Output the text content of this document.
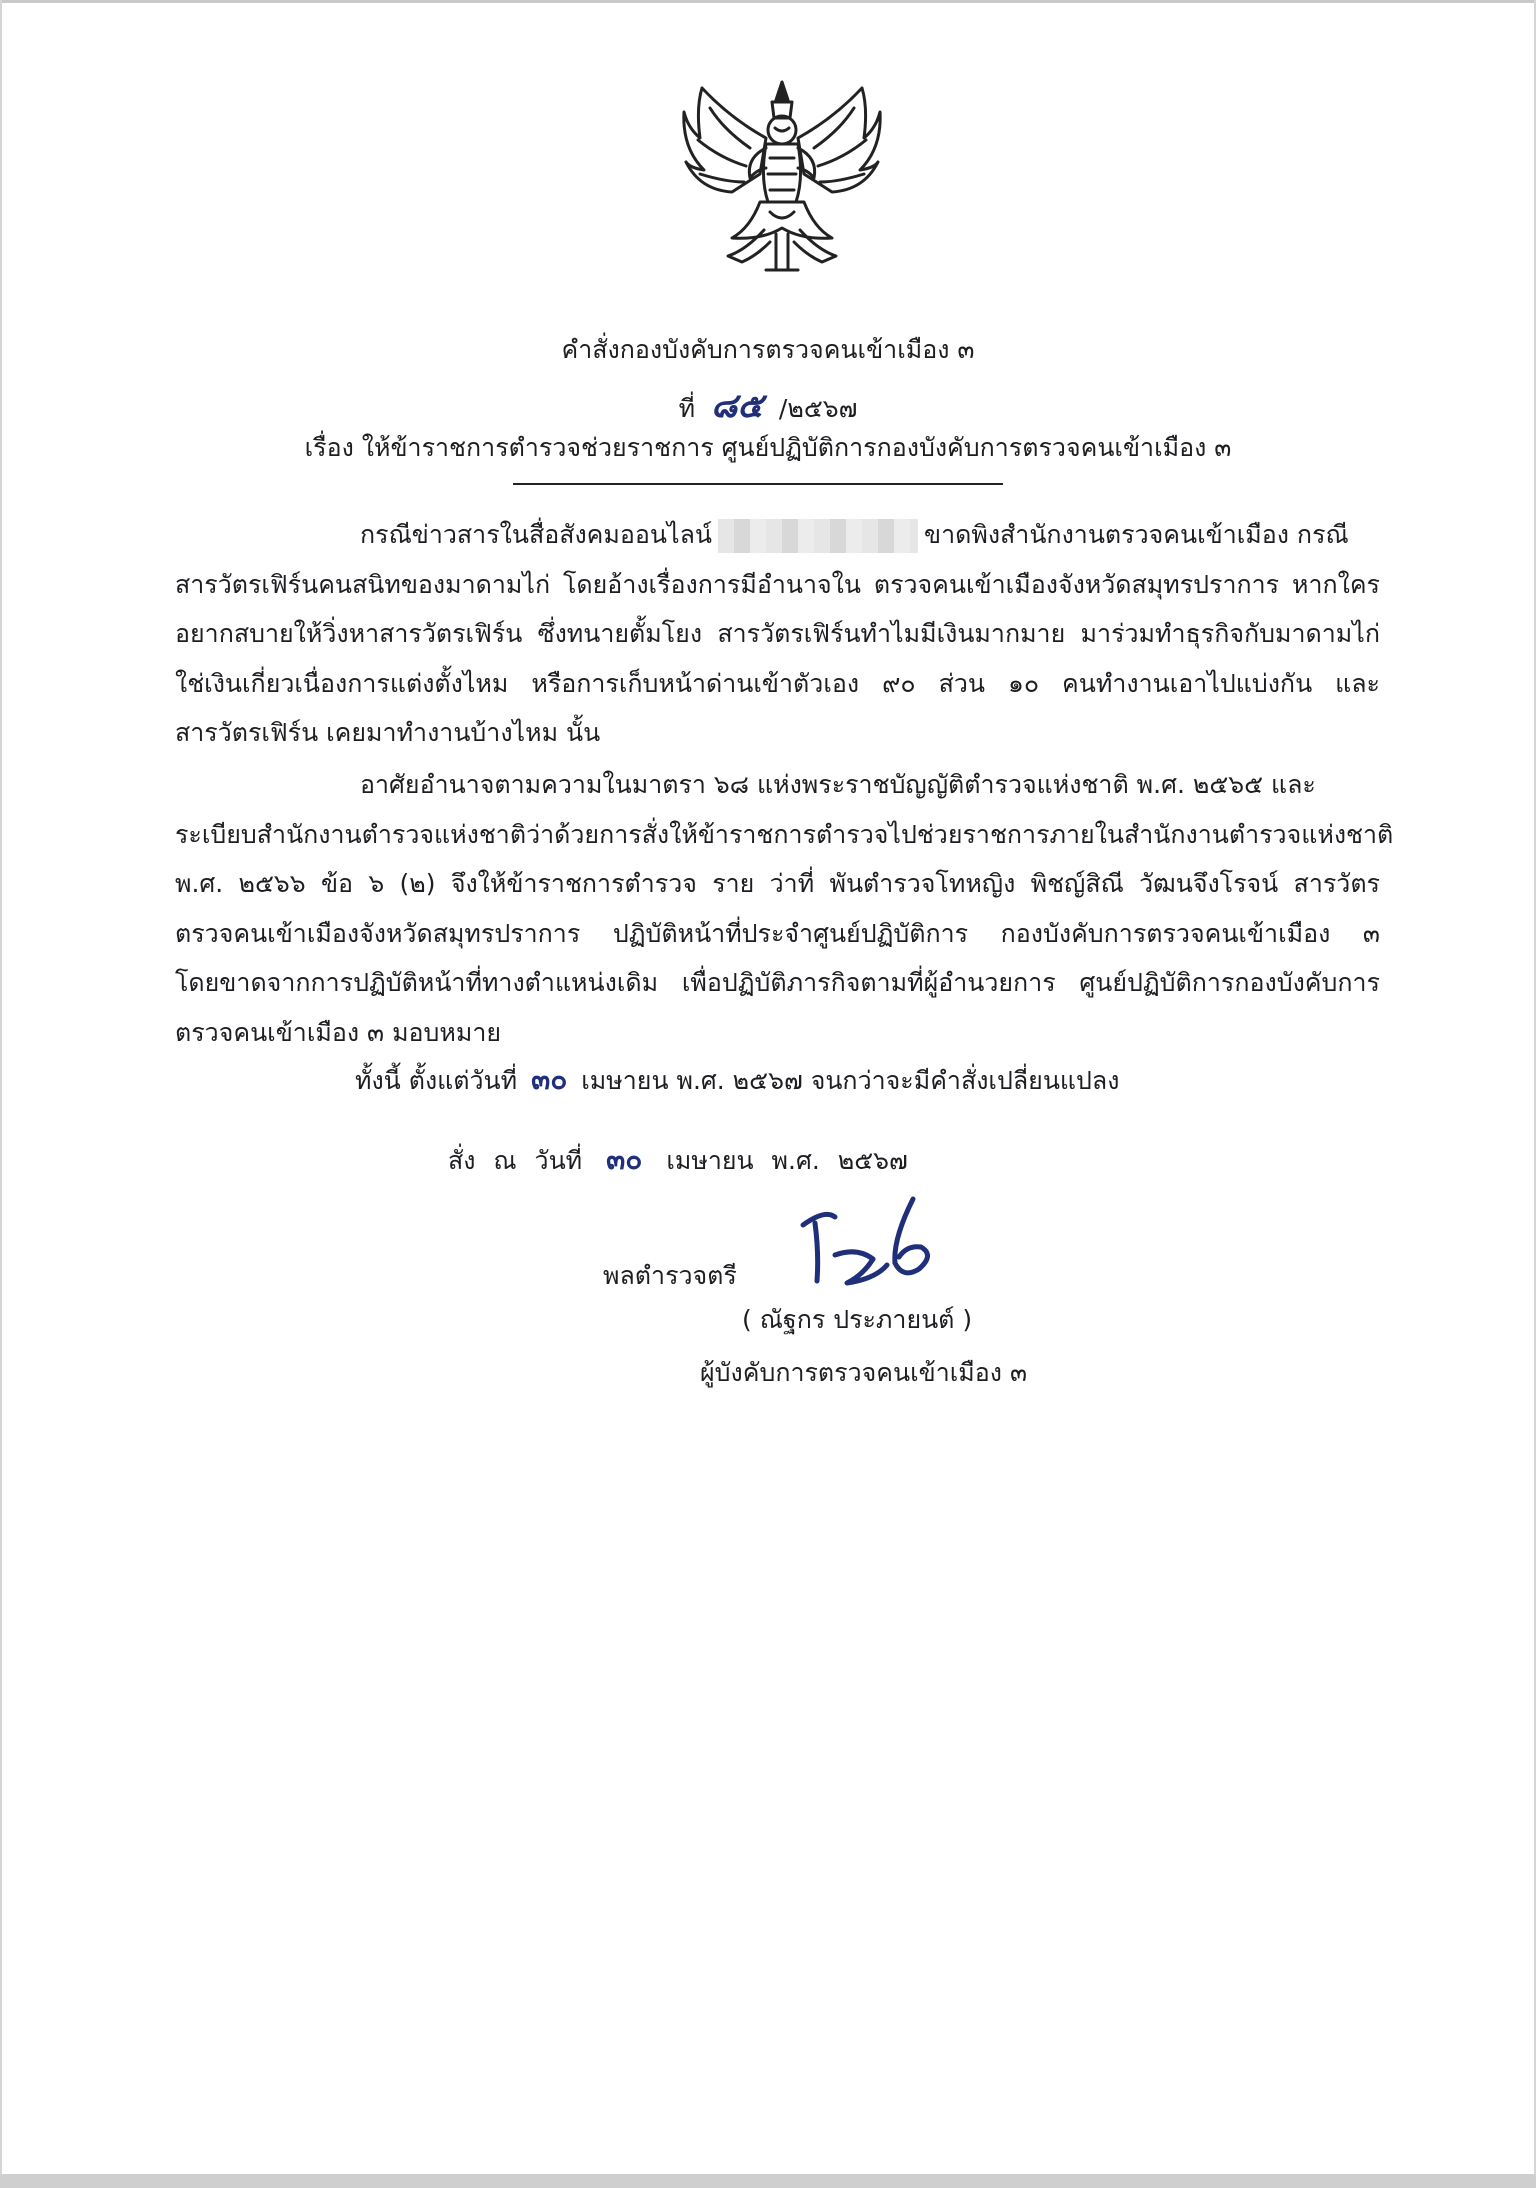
คำสั่งกองบังคับการตรวจคนเข้าเมือง ๓
ที่ ๘๕ /๒๕๖๗
เรื่อง ให้ข้าราชการตำรวจช่วยราชการ ศูนย์ปฏิบัติการกองบังคับการตรวจคนเข้าเมือง ๓
กรณีข่าวสารในสื่อสังคมออนไลน์	ขาดพิงสำนักงานตรวจคนเข้าเมือง กรณี
สารวัตรเฟิร์นคนสนิทของมาดามไก่ โดยอ้างเรื่องการมีอำนาจใน ตรวจคนเข้าเมืองจังหวัดสมุทรปราการ หากใคร
อยากสบายให้วิ่งหาสารวัตรเฟิร์น ซึ่งทนายตั้มโยง สารวัตรเฟิร์นทำไมมีเงินมากมาย มาร่วมทำธุรกิจกับมาดามไก่
ใช่เงินเกี่ยวเนื่องการแต่งตั้งไหม หรือการเก็บหน้าด่านเข้าตัวเอง ๙๐ ส่วน ๑๐ คนทำงานเอาไปแบ่งกัน และ
สารวัตรเฟิร์น เคยมาทำงานบ้างไหม นั้น
อาศัยอำนาจตามความในมาตรา ๖๘ แห่งพระราชบัญญัติตำรวจแห่งชาติ พ.ศ. ๒๕๖๕ และ
ระเบียบสำนักงานตำรวจแห่งชาติว่าด้วยการสั่งให้ข้าราชการตำรวจไปช่วยราชการภายในสำนักงานตำรวจแห่งชาติ
พ.ศ. ๒๕๖๖ ข้อ ๖ (๒) จึงให้ข้าราชการตำรวจ ราย ว่าที่ พันตำรวจโทหญิง พิชญ์สิณี วัฒนจึงโรจน์ สารวัตร
ตรวจคนเข้าเมืองจังหวัดสมุทรปราการ ปฏิบัติหน้าที่ประจำศูนย์ปฏิบัติการ กองบังคับการตรวจคนเข้าเมือง ๓
โดยขาดจากการปฏิบัติหน้าที่ทางตำแหน่งเดิม เพื่อปฏิบัติภารกิจตามที่ผู้อำนวยการ ศูนย์ปฏิบัติการกองบังคับการ
ตรวจคนเข้าเมือง ๓ มอบหมาย
ทั้งนี้ ตั้งแต่วันที่ ๓๐ เมษายน พ.ศ. ๒๕๖๗ จนกว่าจะมีคำสั่งเปลี่ยนแปลง
สั่ง ณ วันที่ ๓๐ เมษายน พ.ศ. ๒๕๖๗
พลตำรวจตรี
( ณัฐกร ประภายนต์ )
ผู้บังคับการตรวจคนเข้าเมือง ๓
